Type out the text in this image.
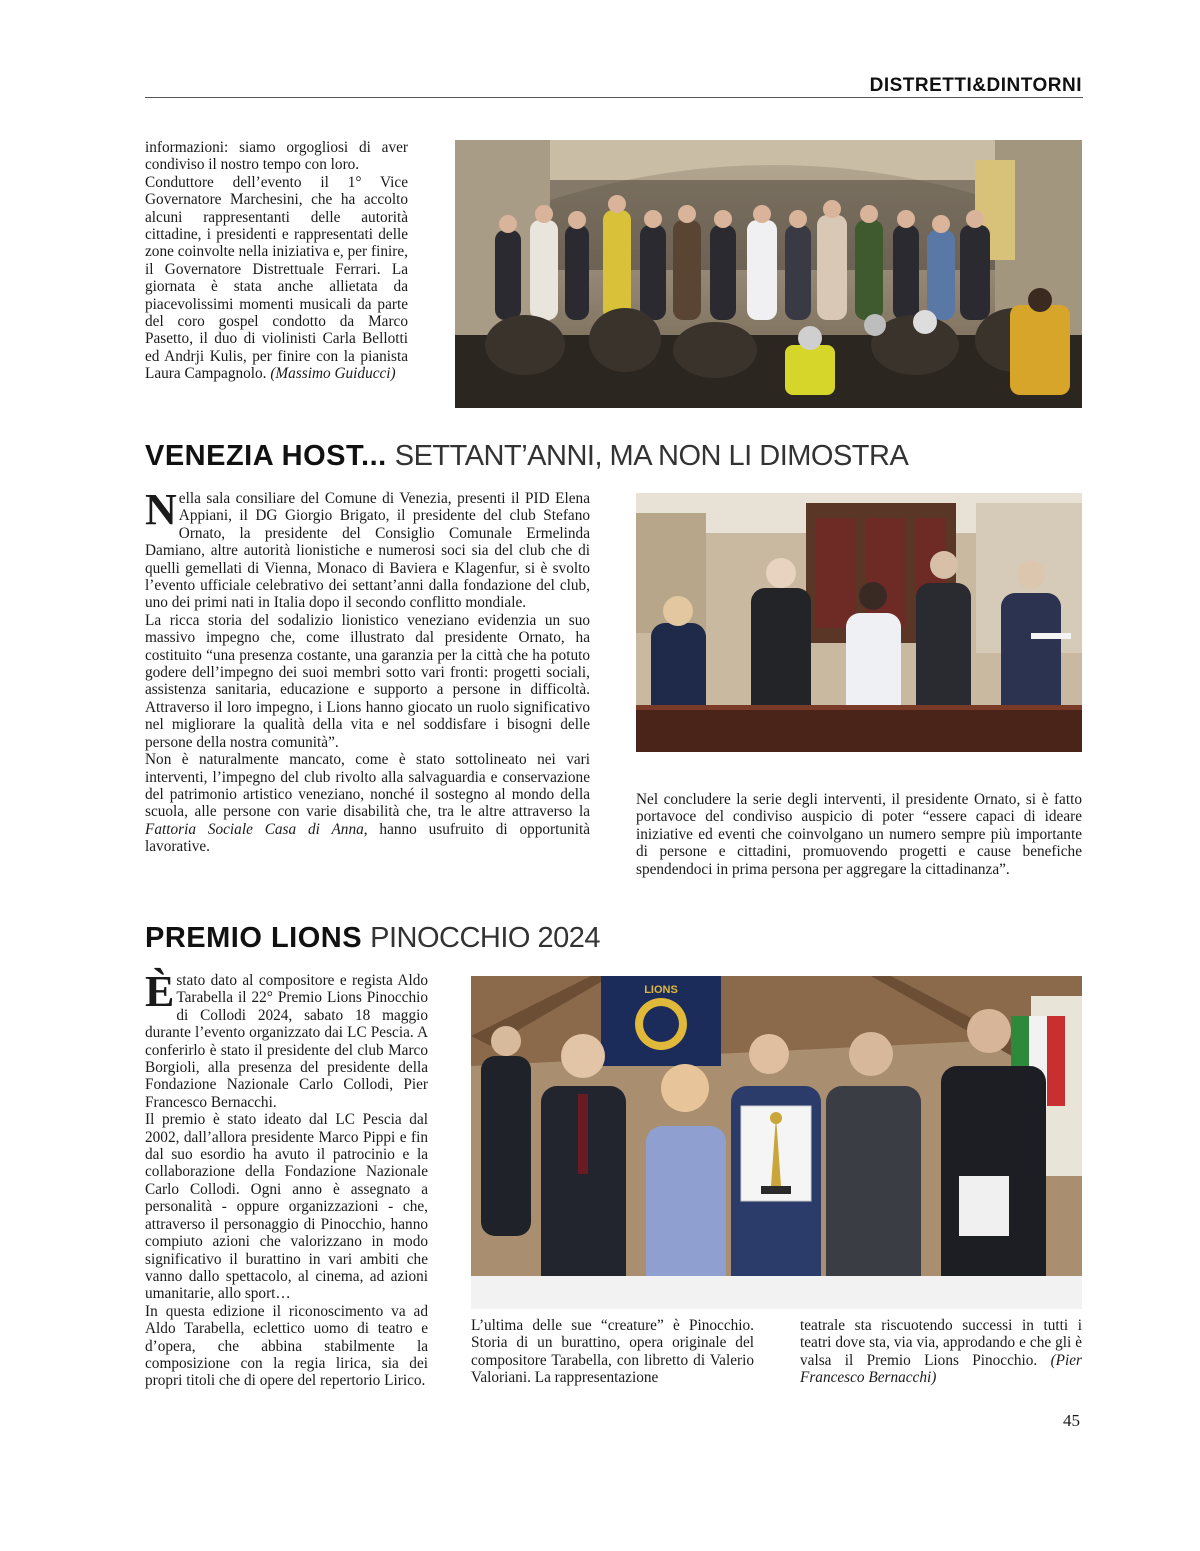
DISTRETTI&DINTORNI

informazioni: siamo orgogliosi di aver condiviso il nostro tempo con loro.

Conduttore dell’evento il 1° Vice Governatore Marchesini, che ha accolto alcuni rappresentanti delle autorità cittadine, i presidenti e rappresentati delle zone coinvolte nella iniziativa e, per finire, il Governatore Distrettuale Ferrari. La giornata è stata anche allietata da piacevolissimi momenti musicali da parte del coro gospel condotto da Marco Pasetto, il duo di violinisti Carla Bellotti ed Andrji Kulis, per finire con la pianista Laura Campagnolo. (Massimo Guiducci)

VENEZIA HOST... SETTANT’ANNI, MA NON LI DIMOSTRA

Nella sala consiliare del Comune di Venezia, presenti il PID Elena Appiani, il DG Giorgio Brigato, il presidente del club Stefano Ornato, la presidente del Consiglio Comunale Ermelinda Damiano, altre autorità lionistiche e numerosi soci sia del club che di quelli gemellati di Vienna, Monaco di Baviera e Klagenfur, si è svolto l’evento ufficiale celebrativo dei settant’anni dalla fondazione del club, uno dei primi nati in Italia dopo il secondo conflitto mondiale.

La ricca storia del sodalizio lionistico veneziano evidenzia un suo massivo impegno che, come illustrato dal presidente Ornato, ha costituito “una presenza costante, una garanzia per la città che ha potuto godere dell’impegno dei suoi membri sotto vari fronti: progetti sociali, assistenza sanitaria, educazione e supporto a persone in difficoltà. Attraverso il loro impegno, i Lions hanno giocato un ruolo significativo nel migliorare la qualità della vita e nel soddisfare i bisogni delle persone della nostra comunità”.

Non è naturalmente mancato, come è stato sottolineato nei vari interventi, l’impegno del club rivolto alla salvaguardia e conservazione del patrimonio artistico veneziano, nonché il sostegno al mondo della scuola, alle persone con varie disabilità che, tra le altre attraverso la Fattoria Sociale Casa di Anna, hanno usufruito di opportunità lavorative.

Nel concludere la serie degli interventi, il presidente Ornato, si è fatto portavoce del condiviso auspicio di poter “essere capaci di ideare iniziative ed eventi che coinvolgano un numero sempre più importante di persone e cittadini, promuovendo progetti e cause benefiche spendendoci in prima persona per aggregare la cittadinanza”.

PREMIO LIONS PINOCCHIO 2024

Èstato dato al compositore e regista Aldo Tarabella il 22° Premio Lions Pinocchio di Collodi 2024, sabato 18 maggio durante l’evento organizzato dai LC Pescia. A conferirlo è stato il presidente del club Marco Borgioli, alla presenza del presidente della Fondazione Nazionale Carlo Collodi, Pier Francesco Bernacchi.

Il premio è stato ideato dal LC Pescia dal 2002, dall’allora presidente Marco Pippi e fin dal suo esordio ha avuto il patrocinio e la collaborazione della Fondazione Nazionale Carlo Collodi. Ogni anno è assegnato a personalità - oppure organizzazioni - che, attraverso il personaggio di Pinocchio, hanno compiuto azioni che valorizzano in modo significativo il burattino in vari ambiti che vanno dallo spettacolo, al cinema, ad azioni umanitarie, allo sport…

In questa edizione il riconoscimento va ad Aldo Tarabella, eclettico uomo di teatro e d’opera, che abbina stabilmente la composizione con la regia lirica, sia dei propri titoli che di opere del repertorio Lirico.

LIONS

L’ultima delle sue “creature” è Pinocchio. Storia di un burattino, opera originale del compositore Tarabella, con libretto di Valerio Valoriani. La rappresentazione

teatrale sta riscuotendo successi in tutti i teatri dove sta, via via, approdando e che gli è valsa il Premio Lions Pinocchio. (Pier Francesco Bernacchi)

45
